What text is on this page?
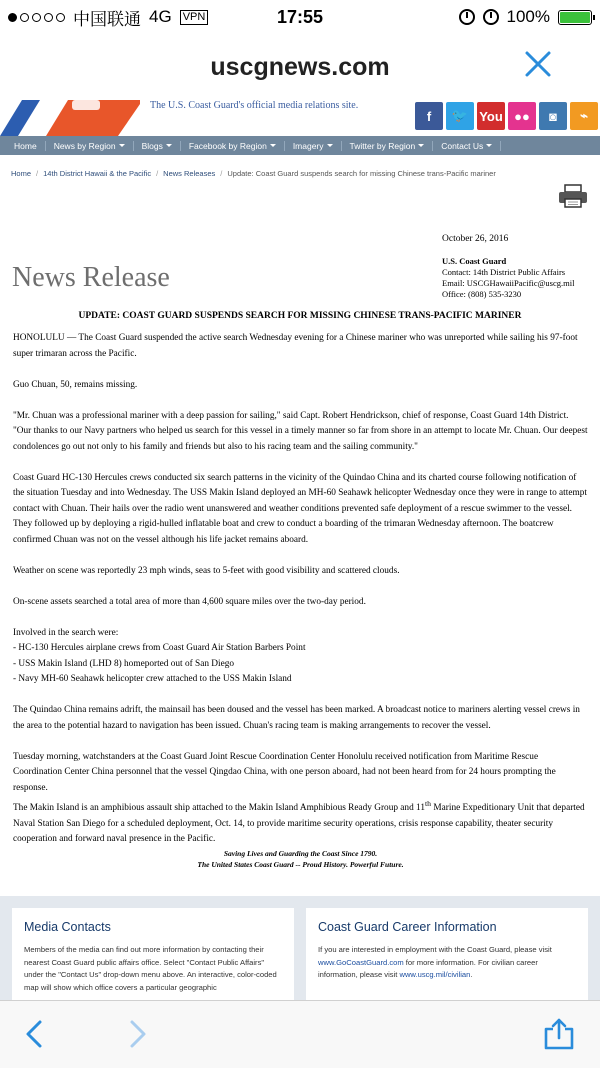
中国联通 4G VPN	17:55	100%
uscgnews.com
The U.S. Coast Guard's official media relations site.
f	🐦 You ●●	◙	⌁
Home News by Region	Blogs	Facebook by Region	Imagery	Twitter by Region	Contact Us
Home / 14th District Hawaii & the Pacific / News Releases / Update: Coast Guard suspends search for missing Chinese trans-Pacific mariner
October 26, 2016
U.S. Coast Guard
Contact: 14th District Public Affairs
Email: USCGHawaiiPacific@uscg.mil
Office: (808) 535-3230
News Release
UPDATE: COAST GUARD SUSPENDS SEARCH FOR MISSING CHINESE TRANS-PACIFIC MARINER

HONOLULU — The Coast Guard suspended the active search Wednesday evening for a Chinese mariner who was unreported while sailing his 97-foot super trimaran across the Pacific.

Guo Chuan, 50, remains missing.

"Mr. Chuan was a professional mariner with a deep passion for sailing," said Capt. Robert Hendrickson, chief of response, Coast Guard 14th District. "Our thanks to our Navy partners who helped us search for this vessel in a timely manner so far from shore in an attempt to locate Mr. Chuan. Our deepest condolences go out not only to his family and friends but also to his racing team and the sailing community."

Coast Guard HC-130 Hercules crews conducted six search patterns in the vicinity of the Quindao China and its charted course following notification of the situation Tuesday and into Wednesday. The USS Makin Island deployed an MH-60 Seahawk helicopter Wednesday once they were in range to attempt contact with Chuan. Their hails over the radio went unanswered and weather conditions prevented safe deployment of a rescue swimmer to the vessel. They followed up by deploying a rigid-hulled inflatable boat and crew to conduct a boarding of the trimaran Wednesday afternoon. The boatcrew confirmed Chuan was not on the vessel although his life jacket remains aboard.

Weather on scene was reportedly 23 mph winds, seas to 5-feet with good visibility and scattered clouds.

On-scene assets searched a total area of more than 4,600 square miles over the two-day period.

Involved in the search were:
- HC-130 Hercules airplane crews from Coast Guard Air Station Barbers Point
- USS Makin Island (LHD 8) homeported out of San Diego

- Navy MH-60 Seahawk helicopter crew attached to the USS Makin Island

The Quindao China remains adrift, the mainsail has been doused and the vessel has been marked. A broadcast notice to mariners alerting vessel crews in the area to the potential hazard to navigation has been issued. Chuan's racing team is making arrangements to recover the vessel.

Tuesday morning, watchstanders at the Coast Guard Joint Rescue Coordination Center Honolulu received notification from Maritime Rescue Coordination Center China personnel that the vessel Qingdao China, with one person aboard, had not been heard from for 24 hours prompting the response.

The Makin Island is an amphibious assault ship attached to the Makin Island Amphibious Ready Group and 11th Marine Expeditionary Unit that departed Naval Station San Diego for a scheduled deployment, Oct. 14, to provide maritime security operations, crisis response capability, theater security cooperation and forward naval presence in the Pacific.

Saving Lives and Guarding the Coast Since 1790.
The United States Coast Guard -- Proud History. Powerful Future.
Media Contacts

Members of the media can find out more information by contacting their nearest Coast Guard public affairs office. Select "Contact Public Affairs" under the "Contact Us" drop-down menu above. An interactive, color-coded map will show which office covers a particular geographic

Coast Guard Career Information

If you are interested in employment with the Coast Guard, please visit www.GoCoastGuard.com for more information. For civilian career information, please visit www.uscg.mil/civilian.
